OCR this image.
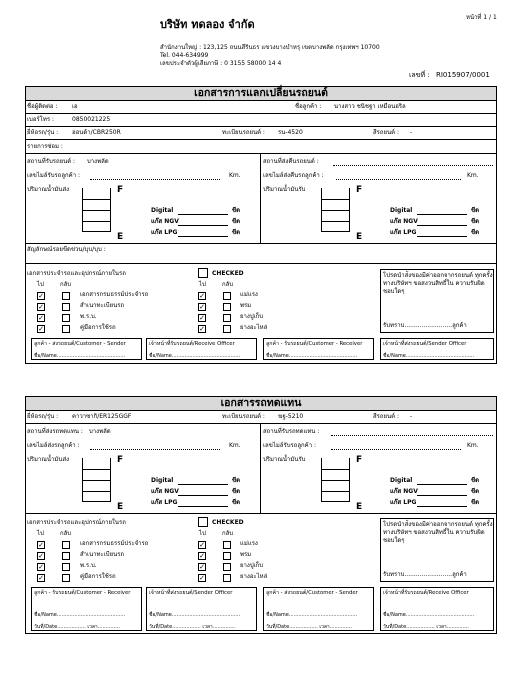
บริษัท ทดลอง จำกัด
หน้าที่ 1 / 1
สำนักงานใหญ่ : 123,125 ถนนสีรินธร แขวงบางบำหรุ เขตบางพลัด กรุงเทพฯ 10700
Tel. 044-634999
เลขประจำตัวผู้เสียภาษี : 0 3155 58000 14 4
เลขที่ : RI015907/0001
เอกสารการแลกเปลี่ยนรถยนต์
ชื่อผู้ติดต่อ : เอ	ชื่อลูกค้า : นางสาว ชนิชฐา เหมือนอริล
เบอร์โทร :	0850021225
ยี่ห้อรถ/รุ่น : ฮอนด้า/CBR250R	ทะเบียนรถยนต์ : รน-4520	สีรถยนต์ : -
รายการซ่อม :
สถานที่รับรถยนต์ : บางพลัด	สถานที่ส่งคืนรถยนต์ :
เลขไมล์รับรถลูกค้า :	Km.	เลขไมล์ส่งคืนรถลูกค้า :	Km.
ปริมาณน้ำมันส่ง	F
E
Digital	ขีด
แก๊ส NGV	ขีด
แก๊ส LPG	ขีด
ปริมาณน้ำมันรับ	F
E
Digital	ขีด
แก๊ส NGV	ขีด
แก๊ส LPG	ขีด
สัญลักษณ์รอยขีดข่วน/บุบ/บุบ :
เอกสารประจำรถและอุปกรณ์ภายในรถ	CHECKED
ไป	กลับ	ไป	กลับ
✓	เอกสารกรมธรรม์ประจำรถ	✓	แม่แรง
✓	สำเนาทะเบียนรถ	✓	พรม
✓	พ.ร.บ.	✓	ยางปูเก็บ
✓	คู่มือการใช้รถ	✓	ยางอะไหล่
โปรดนำส่ังของมีค่าออกจากรถยนต์ ทุกครั้งทางบริษัทฯ ขอสงวนสิทธิ์ใน ความรับผิดชอบใดๆ
รับทราบ.........................ลูกค้า
ลูกค้า - ส่งรถยนต์/Customer - Sender	เจ้าหน้าที่รับรถยนต์/Receive Officer	ลูกค้า - รับรถยนต์/Customer - Receiver	เจ้าหน้าที่ส่งรถยนต์/Sender Officer
ชื่อ/Name...........................................	ชื่อ/Name...........................................	ชื่อ/Name...........................................	ชื่อ/Name...........................................
เอกสารรถทดแทน
ยี่ห้อรถ/รุ่น : คาวาซากิ/ER125GGF	ทะเบียนรถยนต์ : ฆฐ-5210	สีรถยนต์ : -
สถานที่ส่งรถทดแทน : บางพลัด	สถานที่รับรถทดแทน :
เลขไมล์ส่งรถลูกค้า :	Km.	เลขไมล์รับรถลูกค้า :	Km.
ปริมาณน้ำมันส่ง	F
E
Digital	ขีด
แก๊ส NGV	ขีด
แก๊ส LPG	ขีด
ปริมาณน้ำมันรับ	F
E
Digital	ขีด
แก๊ส NGV	ขีด
แก๊ส LPG	ขีด
เอกสารประจำรถและอุปกรณ์ภายในรถ	CHECKED
ไป	กลับ	ไป	กลับ
✓	เอกสารกรมธรรม์ประจำรถ	✓	แม่แรง
✓	สำเนาทะเบียนรถ	✓	พรม
✓	พ.ร.บ.	✓	ยางปูเก็บ
✓	คู่มือการใช้รถ	✓	ยางอะไหล่
โปรดนำส่ังของมีค่าออกจากรถยนต์ ทุกครั้งทางบริษัทฯ ขอสงวนสิทธิ์ใน ความรับผิดชอบใดๆ
รับทราบ.........................ลูกค้า
ลูกค้า - รับรถยนต์/Customer - Receiver
ชื่อ/Name...........................................
วันที่/Date.................. เวลา..............
เจ้าหน้าที่ส่งรถยนต์/Sender Officer
ชื่อ/Name...........................................
วันที่/Date.................. เวลา..............
ลูกค้า - ส่งรถยนต์/Customer - Sender
ชื่อ/Name...........................................
วันที่/Date.................. เวลา..............
เจ้าหน้าที่รับรถยนต์/Receive Officer
ชื่อ/Name...........................................
วันที่/Date.................. เวลา..............
